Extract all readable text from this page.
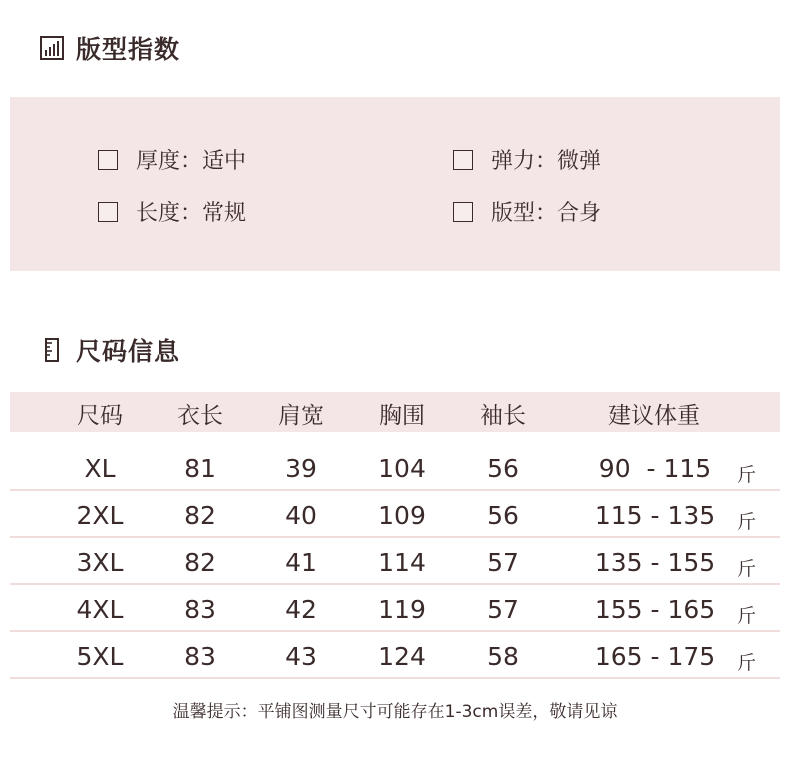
版型指数
厚度：适中	弹力：微弹
长度：常规	版型：合身
尺码信息
尺码	衣长	肩宽	胸围	袖长	建议体重
XL	81	39	104	56	90  - 115	斤
2XL	82	40	109	56	115 - 135	斤
3XL	82	41	114	57	135 - 155	斤
4XL	83	42	119	57	155 - 165	斤
5XL	83	43	124	58	165 - 175	斤
温馨提示：平铺图测量尺寸可能存在1-3cm误差，敬请见谅
